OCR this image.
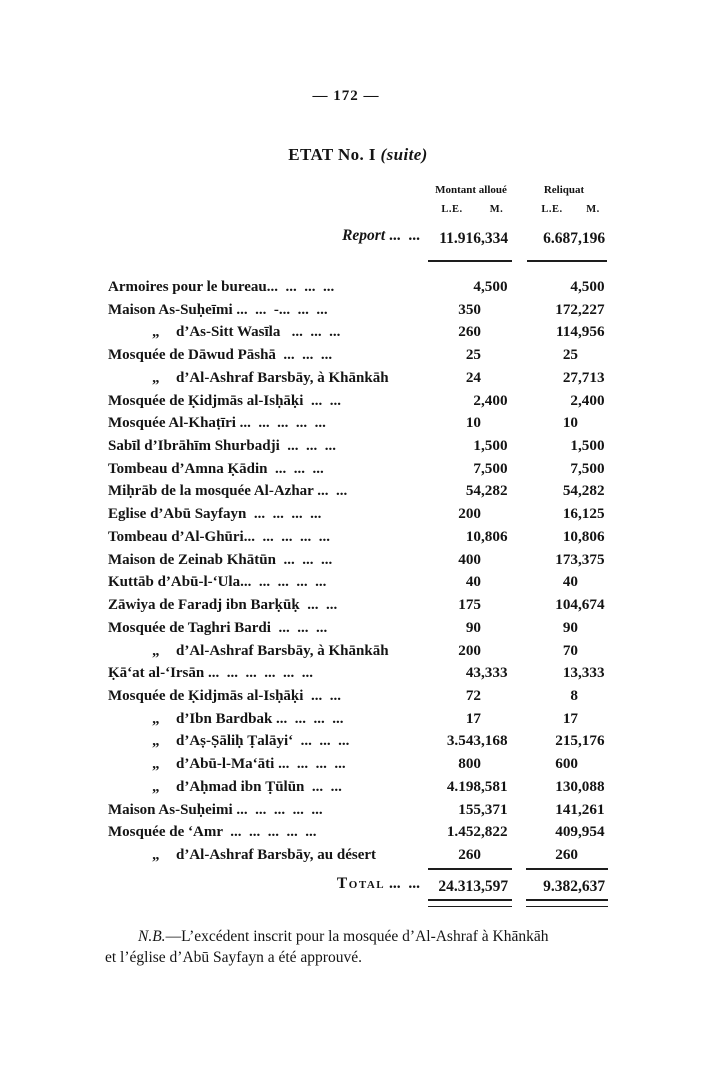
— 172 —
ETAT No. I (suite)
Montant alloué	Reliquat
L.E.	M.	L.E.	M.
Report ...  ...	11.916 ,334	6.687 ,196
Armoires pour le bureau...  ...  ...  ...	4 ,500	4 ,500
Maison As-Suḥeīmi ...  ...  -...  ...  ...	350	172 ,227
„ d’As-Sitt Wasīla   ...  ...  ...	260	114 ,956
Mosquée de Dāwud Pāshā  ...  ...  ...	25	25
„ d’Al-Ashraf Barsbāy, à Khānkāh	24	27 ,713
Mosquée de Ḳidjmās al-Isḥāḳi  ...  ...	2 ,400	2 ,400
Mosquée Al-Khaṭīri ...  ...  ...  ...  ...	10	10
Sabīl d’Ibrāhīm Shurbadji  ...  ...  ...	1 ,500	1 ,500
Tombeau d’Amna Ḳādin  ...  ...  ...	7 ,500	7 ,500
Miḥrāb de la mosquée Al-Azhar ...  ...	54 ,282	54 ,282
Eglise d’Abū Sayfayn  ...  ...  ...  ...	200	16 ,125
Tombeau d’Al-Ghūri...  ...  ...  ...  ...	10 ,806	10 ,806
Maison de Zeinab Khātūn  ...  ...  ...	400	173 ,375
Kuttāb d’Abū-l-‘Ula...  ...  ...  ...  ...	40	40
Zāwiya de Faradj ibn Barḳūḳ  ...  ...	175	104 ,674
Mosquée de Taghri Bardi  ...  ...  ...	90	90
„ d’Al-Ashraf Barsbāy, à Khānkāh	200	70
Ḳā‘at al-‘Irsān ...  ...  ...  ...  ...  ...	43 ,333	13 ,333
Mosquée de Ḳidjmās al-Isḥāḳi  ...  ...	72	8
„ d’Ibn Bardbak ...  ...  ...  ...	17	17
„ d’Aṣ-Ṣāliḥ Ṭalāyi‘  ...  ...  ...	3.543 ,168	215 ,176
„ d’Abū-l-Ma‘āti ...  ...  ...  ...	800	600
„ d’Aḥmad ibn Ṭūlūn  ...  ...	4.198 ,581	130 ,088
Maison As-Suḥeimi ...  ...  ...  ...  ...	155 ,371	141 ,261
Mosquée de ‘Amr  ...  ...  ...  ...  ...	1.452 ,822	409 ,954
„ d’Al-Ashraf Barsbāy, au désert	260	260
Total ...  ...	24.313 ,597	9.382 ,637
N.B.—L’excédent inscrit pour la mosquée d’Al-Ashraf à Khānkāh
et l’église d’Abū Sayfayn a été approuvé.
